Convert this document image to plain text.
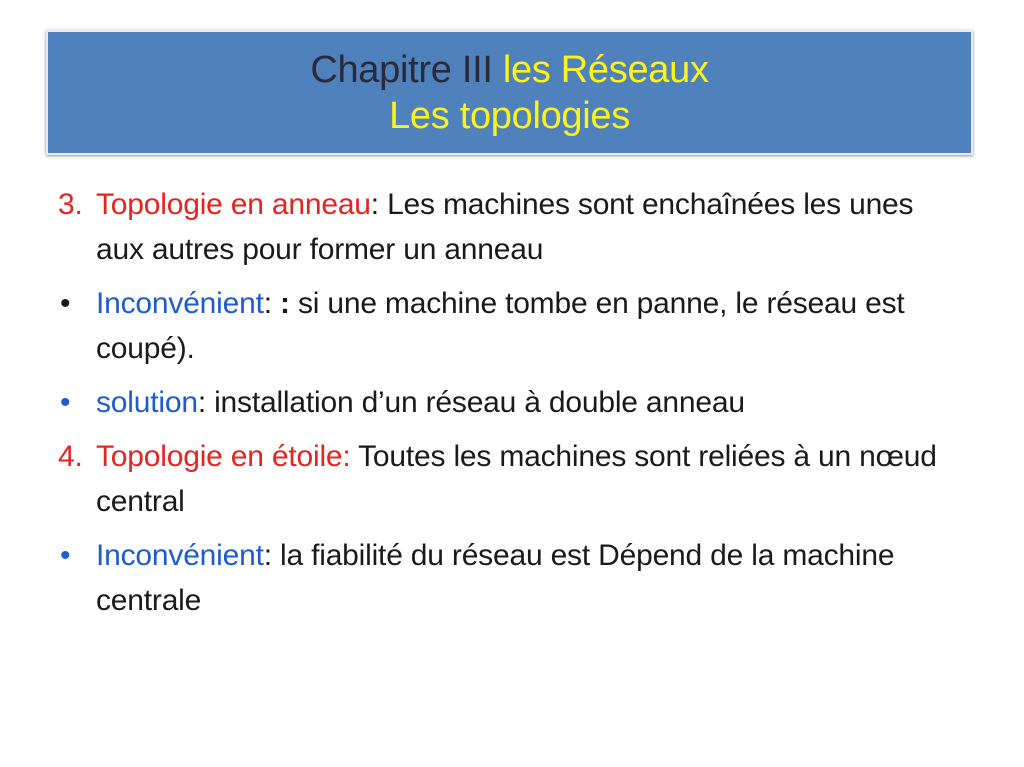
Chapitre III les Réseaux
Les topologies
3. Topologie en anneau: Les machines sont enchaînées les unes aux autres pour former un anneau
• Inconvénient: : si une machine tombe en panne, le réseau est coupé).
• solution: installation d’un réseau à double anneau
4. Topologie en étoile: Toutes les machines sont reliées à un nœud central
• Inconvénient: la fiabilité du réseau est Dépend de la machine centrale
